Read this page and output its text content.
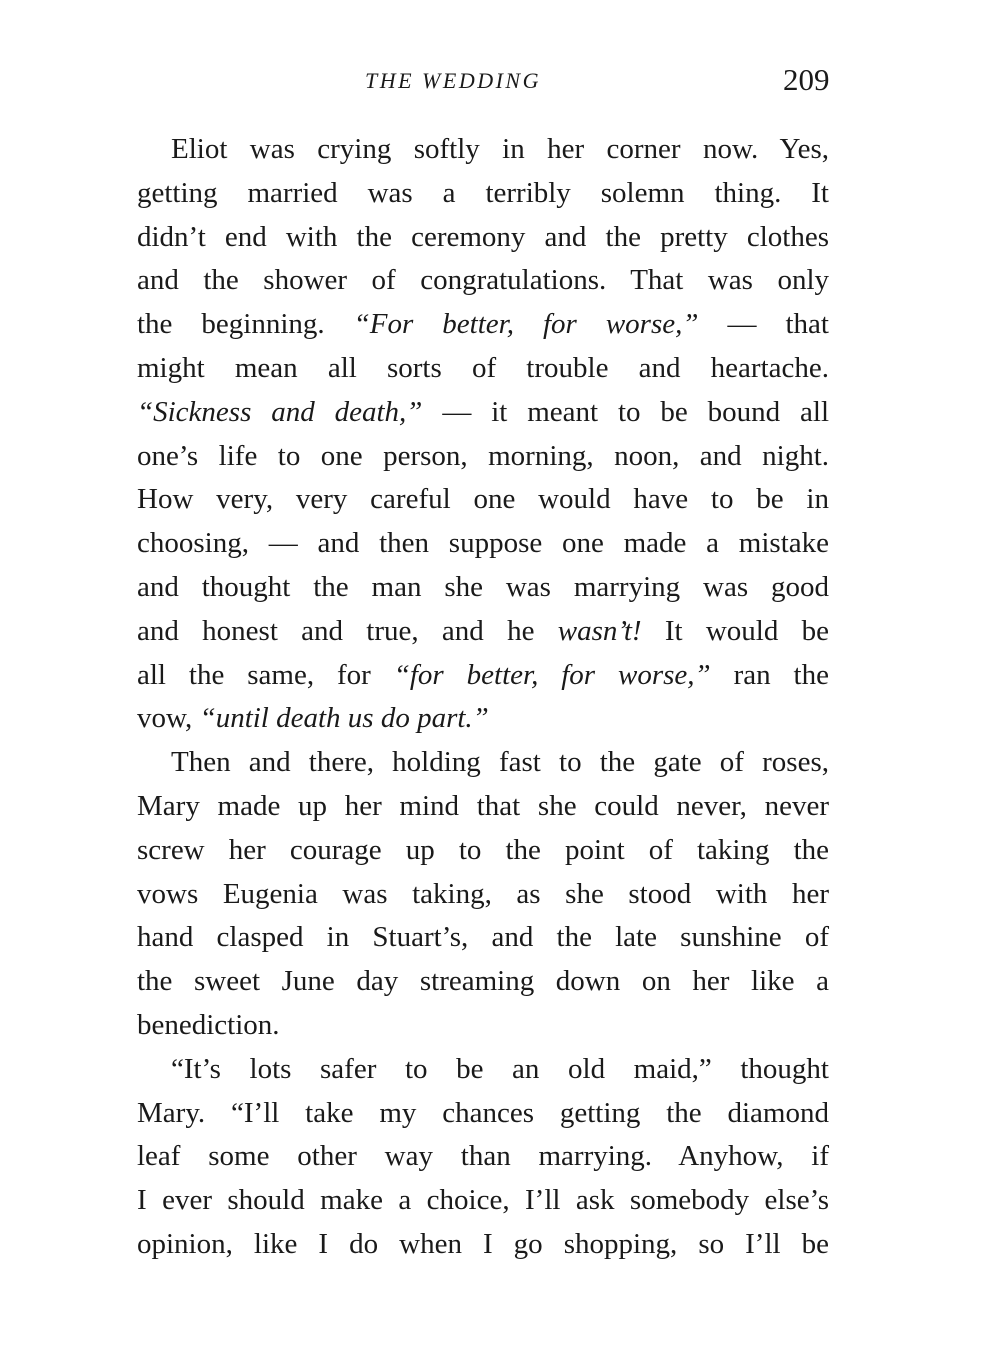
THE WEDDING	209
Eliot was crying softly in her corner now. Yes,
getting married was a terribly solemn thing. It
didn’t end with the ceremony and the pretty clothes
and the shower of congratulations. That was only
the beginning. “For better, for worse,” — that
might mean all sorts of trouble and heartache.
“Sickness and death,” — it meant to be bound all
one’s life to one person, morning, noon, and night.
How very, very careful one would have to be in
choosing, — and then suppose one made a mistake
and thought the man she was marrying was good
and honest and true, and he wasn’t! It would be
all the same, for “for better, for worse,” ran the
vow, “until death us do part.”
Then and there, holding fast to the gate of roses,
Mary made up her mind that she could never, never
screw her courage up to the point of taking the
vows Eugenia was taking, as she stood with her
hand clasped in Stuart’s, and the late sunshine of
the sweet June day streaming down on her like a
benediction.
“It’s lots safer to be an old maid,” thought
Mary. “I’ll take my chances getting the diamond
leaf some other way than marrying. Anyhow, if
I ever should make a choice, I’ll ask somebody else’s
opinion, like I do when I go shopping, so I’ll be
